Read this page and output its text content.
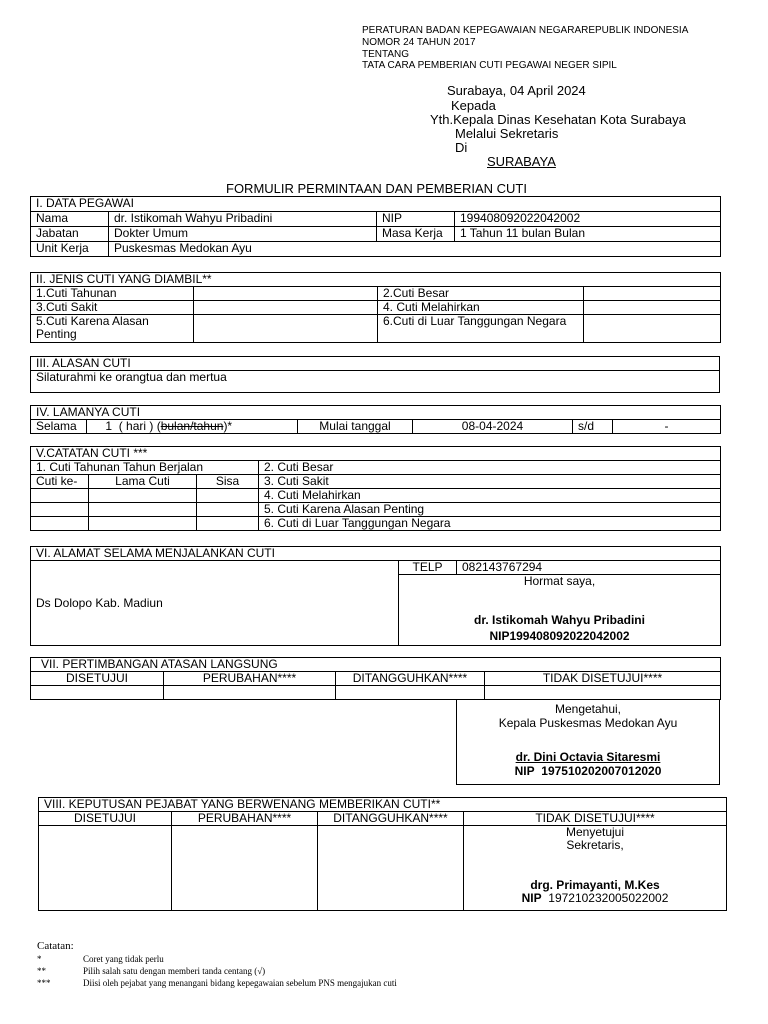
PERATURAN BADAN KEPEGAWAIAN NEGARAREPUBLIK INDONESIA
NOMOR 24 TAHUN 2017
TENTANG
TATA CARA PEMBERIAN CUTI PEGAWAI NEGER SIPIL
Surabaya, 04 April 2024
Kepada
Yth.Kepala Dinas Kesehatan Kota Surabaya
Melalui Sekretaris
Di
SURABAYA
FORMULIR PERMINTAAN DAN PEMBERIAN CUTI
I. DATA PEGAWAI			
Nama	dr. Istikomah Wahyu Pribadini	NIP	199408092022042002
Jabatan	Dokter Umum	Masa Kerja	1 Tahun 11 bulan Bulan
Unit Kerja	Puskesmas Medokan Ayu		
II. JENIS CUTI YANG DIAMBIL**			
1.Cuti Tahunan		2.Cuti Besar	
3.Cuti Sakit		4. Cuti Melahirkan	
5.Cuti Karena Alasan Penting		6.Cuti di Luar Tanggungan Negara	
III. ALASAN CUTI
Silaturahmi ke orangtua dan mertua
IV. LAMANYA CUTI
Selama	1 ( hari ) (bulan/tahun)*	Mulai tanggal	08-04-2024	s/d	-
V.CATATAN CUTI ***			
1. Cuti Tahunan Tahun Berjalan			2. Cuti Besar
Cuti ke-	Lama Cuti	Sisa	3. Cuti Sakit
			4. Cuti Melahirkan
			5. Cuti Karena Alasan Penting
			6. Cuti di Luar Tanggungan Negara
VI. ALAMAT SELAMA MENJALANKAN CUTI
Ds Dolopo Kab. Madiun	TELP	082143767294

Hormat saya,
dr. Istikomah Wahyu Pribadini
NIP199408092022042002
VII. PERTIMBANGAN ATASAN LANGSUNG			
DISETUJUI	PERUBAHAN****	DITANGGUHKAN****	TIDAK DISETUJUI****

Mengetahui,
Kepala Puskesmas Medokan Ayu
dr. Dini Octavia Sitaresmi
NIP 197510202007012020
VIII. KEPUTUSAN PEJABAT YANG BERWENANG MEMBERIKAN CUTI**			
DISETUJUI	PERUBAHAN****	DITANGGUHKAN****	TIDAK DISETUJUI****

			Menyetujui
Sekretaris,
drg. Primayanti, M.Kes
NIP 197210232005022002
Catatan:
*	Coret yang tidak perlu
**	Pilih salah satu dengan memberi tanda centang (√)
***	Diisi oleh pejabat yang menangani bidang kepegawaian sebelum PNS mengajukan cuti
